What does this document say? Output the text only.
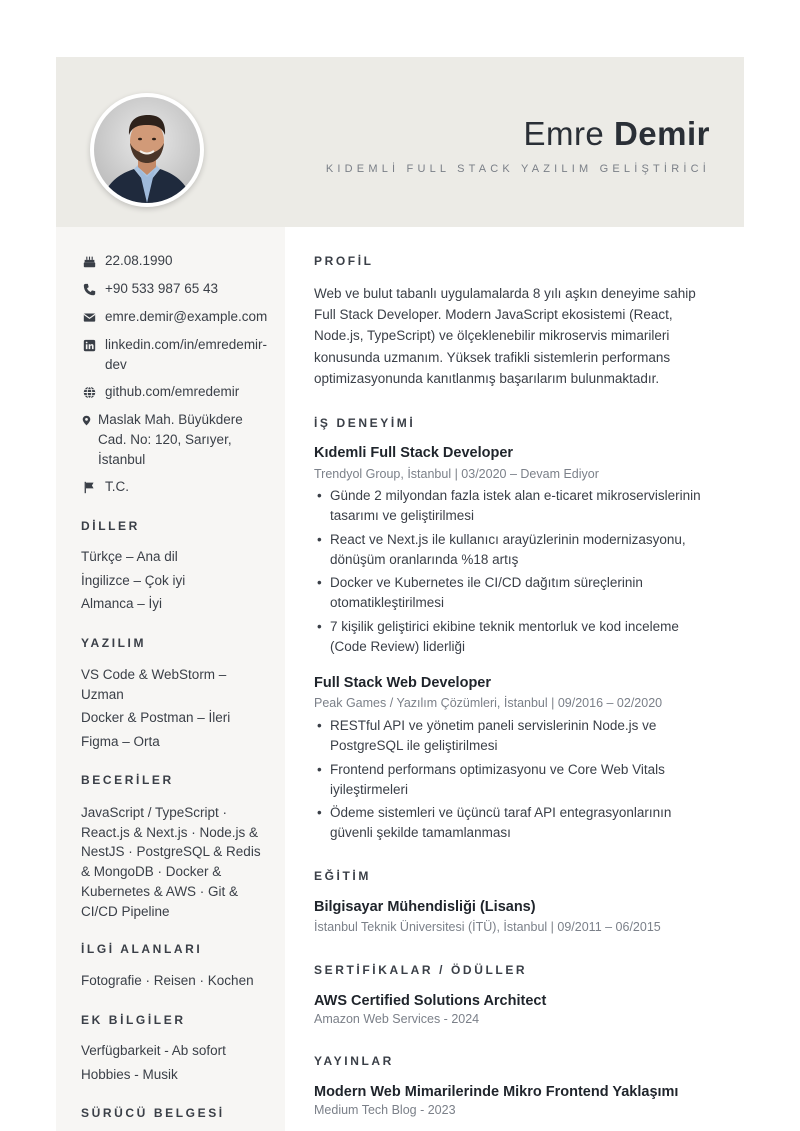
Emre Demir
KIDEMLİ FULL STACK YAZILIM GELİŞTİRİCİ
22.08.1990
+90 533 987 65 43
emre.demir@example.com
linkedin.com/in/emredemir-dev
github.com/emredemir
Maslak Mah. Büyükdere Cad. No: 120, Sarıyer, İstanbul
T.C.
DİLLER
Türkçe – Ana dil
İngilizce – Çok iyi
Almanca – İyi
YAZILIM
VS Code & WebStorm – Uzman
Docker & Postman – İleri
Figma – Orta
BECERİLER
JavaScript / TypeScript · React.js & Next.js · Node.js & NestJS · PostgreSQL & Redis & MongoDB · Docker & Kubernetes & AWS · Git & CI/CD Pipeline
İLGİ ALANLARI
Fotografie · Reisen · Kochen
EK BİLGİLER
Verfügbarkeit - Ab sofort
Hobbies - Musik
SÜRÜCÜ BELGESİ
PROFİL
Web ve bulut tabanlı uygulamalarda 8 yılı aşkın deneyime sahip Full Stack Developer. Modern JavaScript ekosistemi (React, Node.js, TypeScript) ve ölçeklenebilir mikroservis mimarileri konusunda uzmanım. Yüksek trafikli sistemlerin performans optimizasyonunda kanıtlanmış başarılarım bulunmaktadır.
İŞ DENEYİMİ
Kıdemli Full Stack Developer
Trendyol Group, İstanbul | 03/2020 – Devam Ediyor
• Günde 2 milyondan fazla istek alan e-ticaret mikroservislerinin tasarımı ve geliştirilmesi
• React ve Next.js ile kullanıcı arayüzlerinin modernizasyonu, dönüşüm oranlarında %18 artış
• Docker ve Kubernetes ile CI/CD dağıtım süreçlerinin otomatikleştirilmesi
• 7 kişilik geliştirici ekibine teknik mentorluk ve kod inceleme (Code Review) liderliği
Full Stack Web Developer
Peak Games / Yazılım Çözümleri, İstanbul | 09/2016 – 02/2020
• RESTful API ve yönetim paneli servislerinin Node.js ve PostgreSQL ile geliştirilmesi
• Frontend performans optimizasyonu ve Core Web Vitals iyileştirmeleri
• Ödeme sistemleri ve üçüncü taraf API entegrasyonlarının güvenli şekilde tamamlanması
EĞİTİM
Bilgisayar Mühendisliği (Lisans)
İstanbul Teknik Üniversitesi (İTÜ), İstanbul | 09/2011 – 06/2015
SERTİFİKALAR / ÖDÜLLER
AWS Certified Solutions Architect
Amazon Web Services - 2024
YAYINLAR
Modern Web Mimarilerinde Mikro Frontend Yaklaşımı
Medium Tech Blog - 2023
